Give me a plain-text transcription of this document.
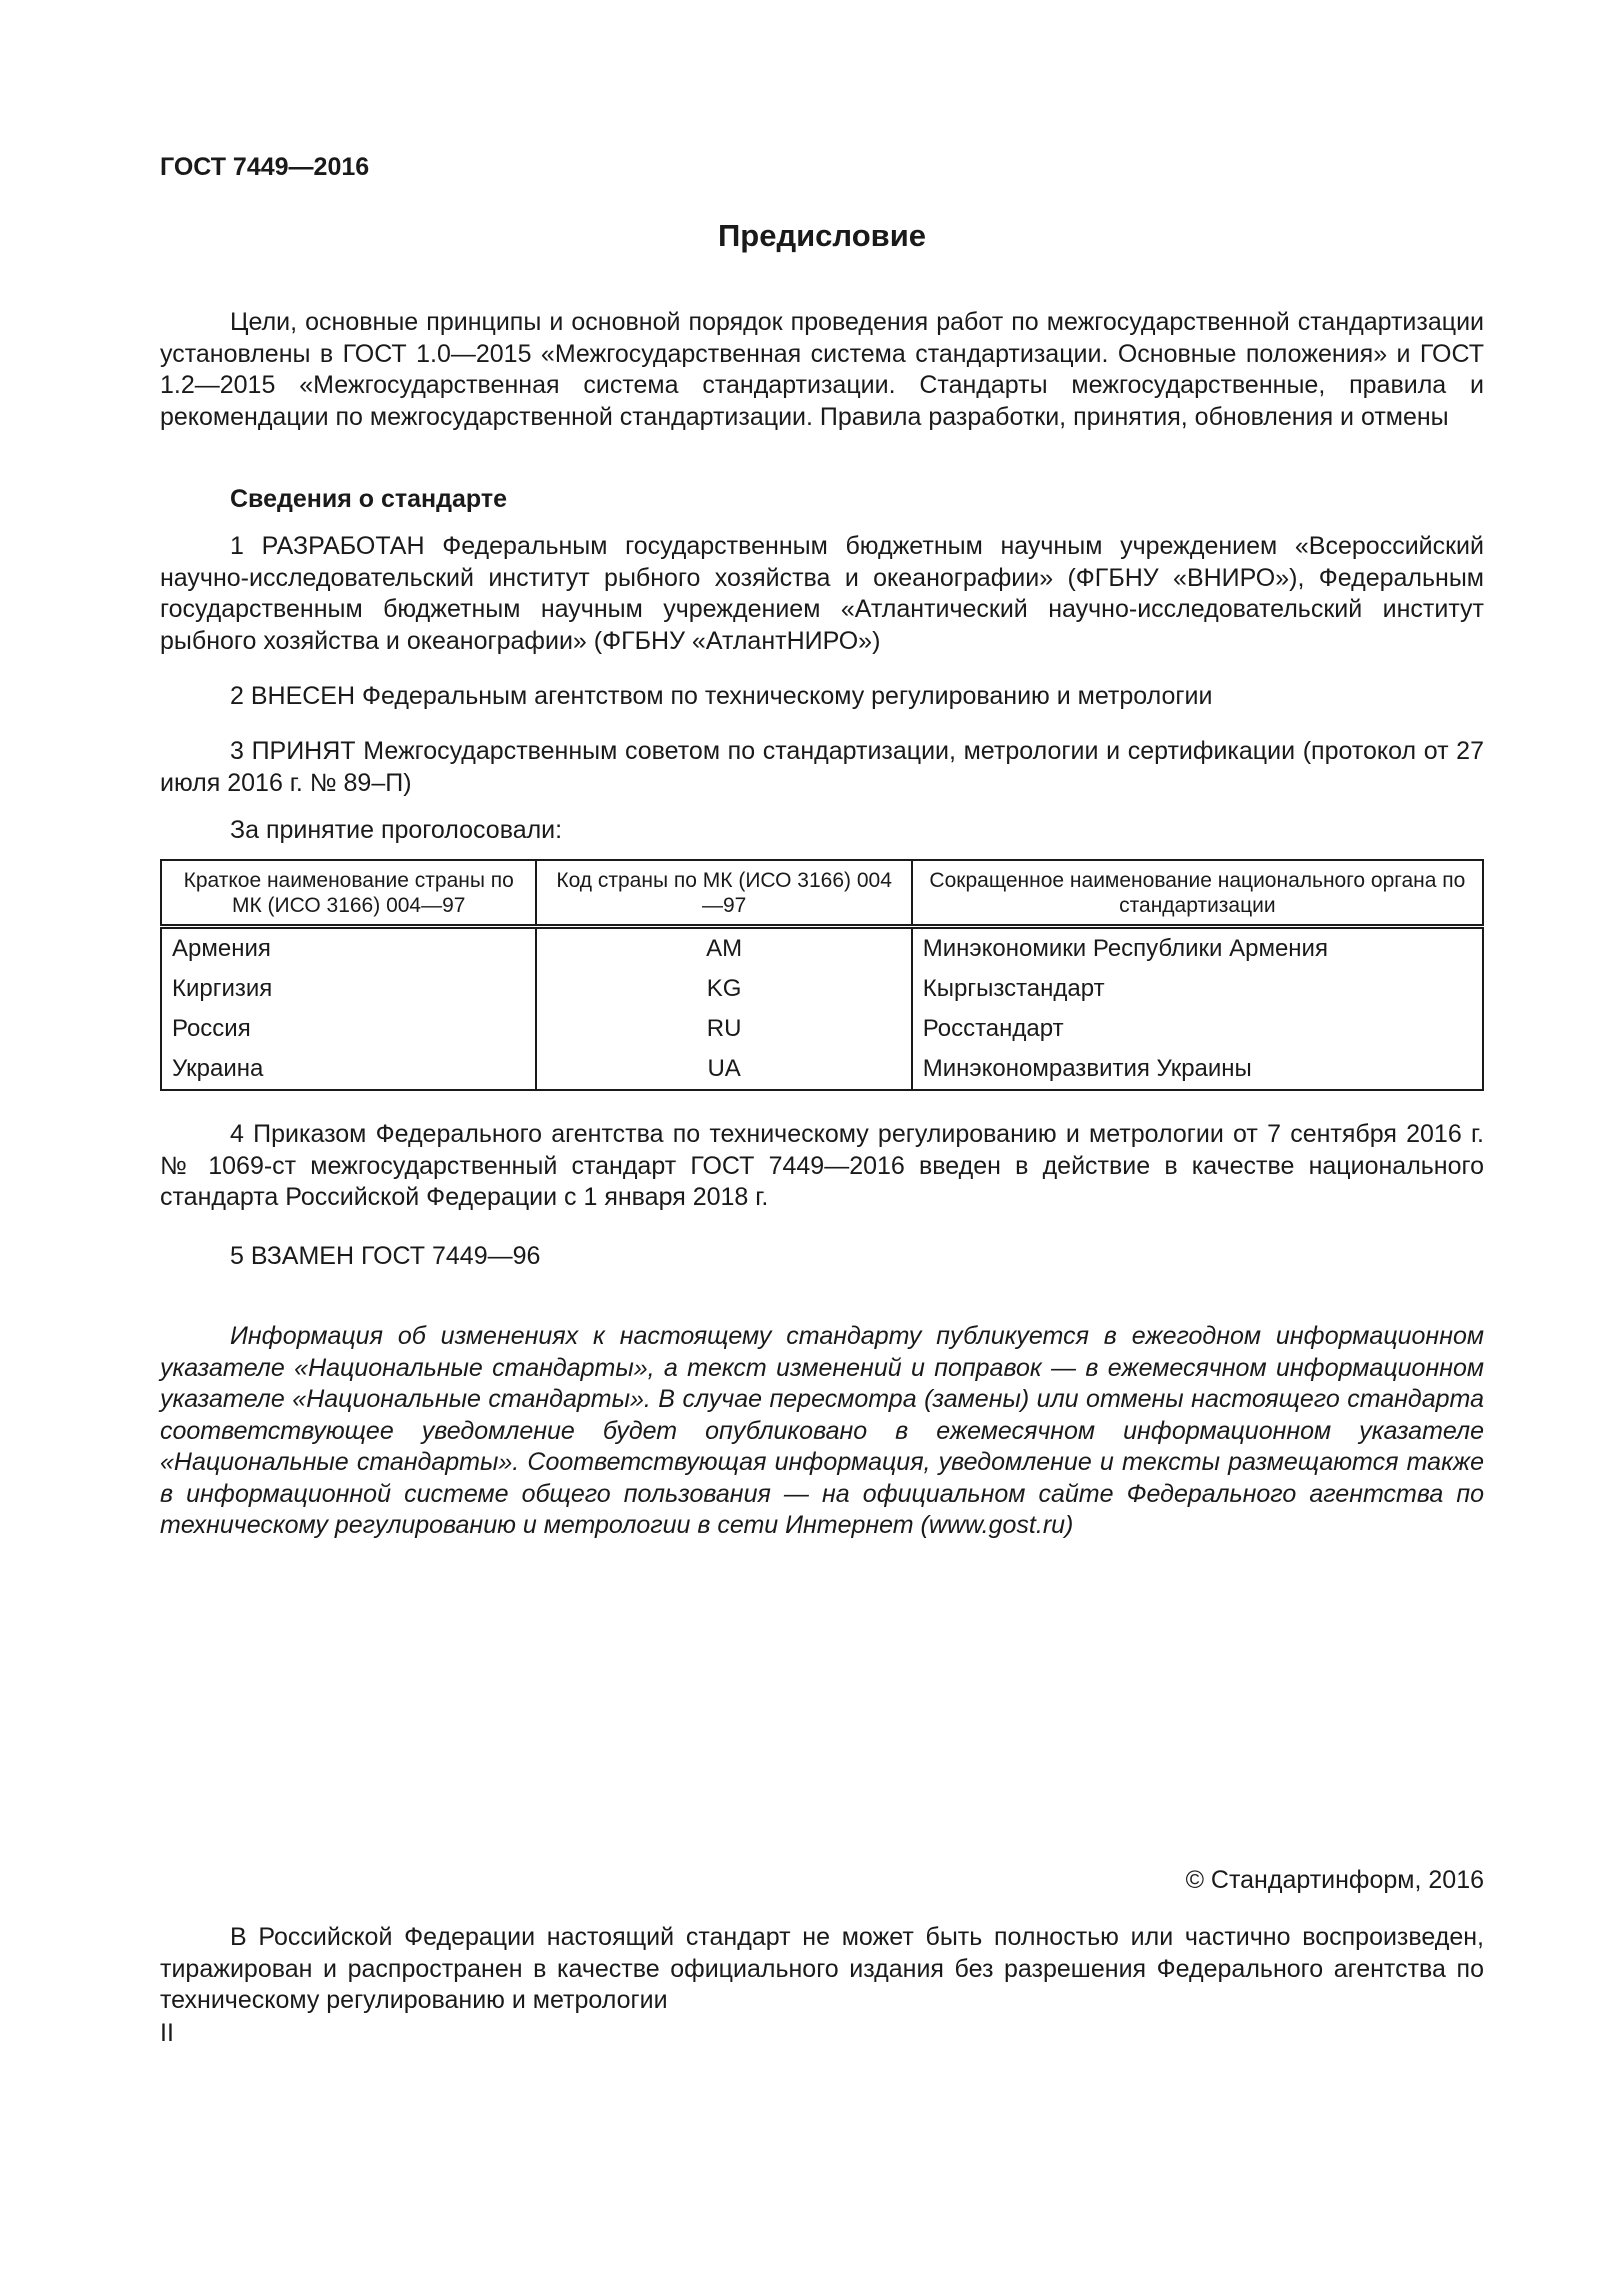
ГОСТ 7449—2016
Предисловие

Цели, основные принципы и основной порядок проведения работ по межгосударственной стандартизации установлены в ГОСТ 1.0—2015 «Межгосударственная система стандартизации. Основные положения» и ГОСТ 1.2—2015 «Межгосударственная система стандартизации. Стандарты межгосударственные, правила и рекомендации по межгосударственной стандартизации. Правила разработки, принятия, обновления и отмены

Сведения о стандарте

1 РАЗРАБОТАН Федеральным государственным бюджетным научным учреждением «Всероссийский научно-исследовательский институт рыбного хозяйства и океанографии» (ФГБНУ «ВНИРО»), Федеральным государственным бюджетным научным учреждением «Атлантический научно-исследовательский институт рыбного хозяйства и океанографии» (ФГБНУ «АтлантНИРО»)

2 ВНЕСЕН Федеральным агентством по техническому регулированию и метрологии

3 ПРИНЯТ Межгосударственным советом по стандартизации, метрологии и сертификации (протокол от 27 июля 2016 г. № 89–П)

За принятие проголосовали:

Краткое наименование страны по МК (ИСО 3166) 004—97	Код страны по МК (ИСО 3166) 004—97	Сокращенное наименование национального органа по стандартизации
Армения	AM	Минэкономики Республики Армения
Киргизия	KG	Кыргызстандарт
Россия	RU	Росстандарт
Украина	UA	Минэкономразвития Украины

4 Приказом Федерального агентства по техническому регулированию и метрологии от 7 сентября 2016 г. № 1069-ст межгосударственный стандарт ГОСТ 7449—2016 введен в действие в качестве национального стандарта Российской Федерации с 1 января 2018 г.

5 ВЗАМЕН ГОСТ 7449—96

Информация об изменениях к настоящему стандарту публикуется в ежегодном информационном указателе «Национальные стандарты», а текст изменений и поправок — в ежемесячном информационном указателе «Национальные стандарты». В случае пересмотра (замены) или отмены настоящего стандарта соответствующее уведомление будет опубликовано в ежемесячном информационном указателе «Национальные стандарты». Соответствующая информация, уведомление и тексты размещаются также в информационной системе общего пользования — на официальном сайте Федерального агентства по техническому регулированию и метрологии в сети Интернет (www.gost.ru)

© Стандартинформ, 2016

В Российской Федерации настоящий стандарт не может быть полностью или частично воспроизведен, тиражирован и распространен в качестве официального издания без разрешения Федерального агентства по техническому регулированию и метрологии

II
